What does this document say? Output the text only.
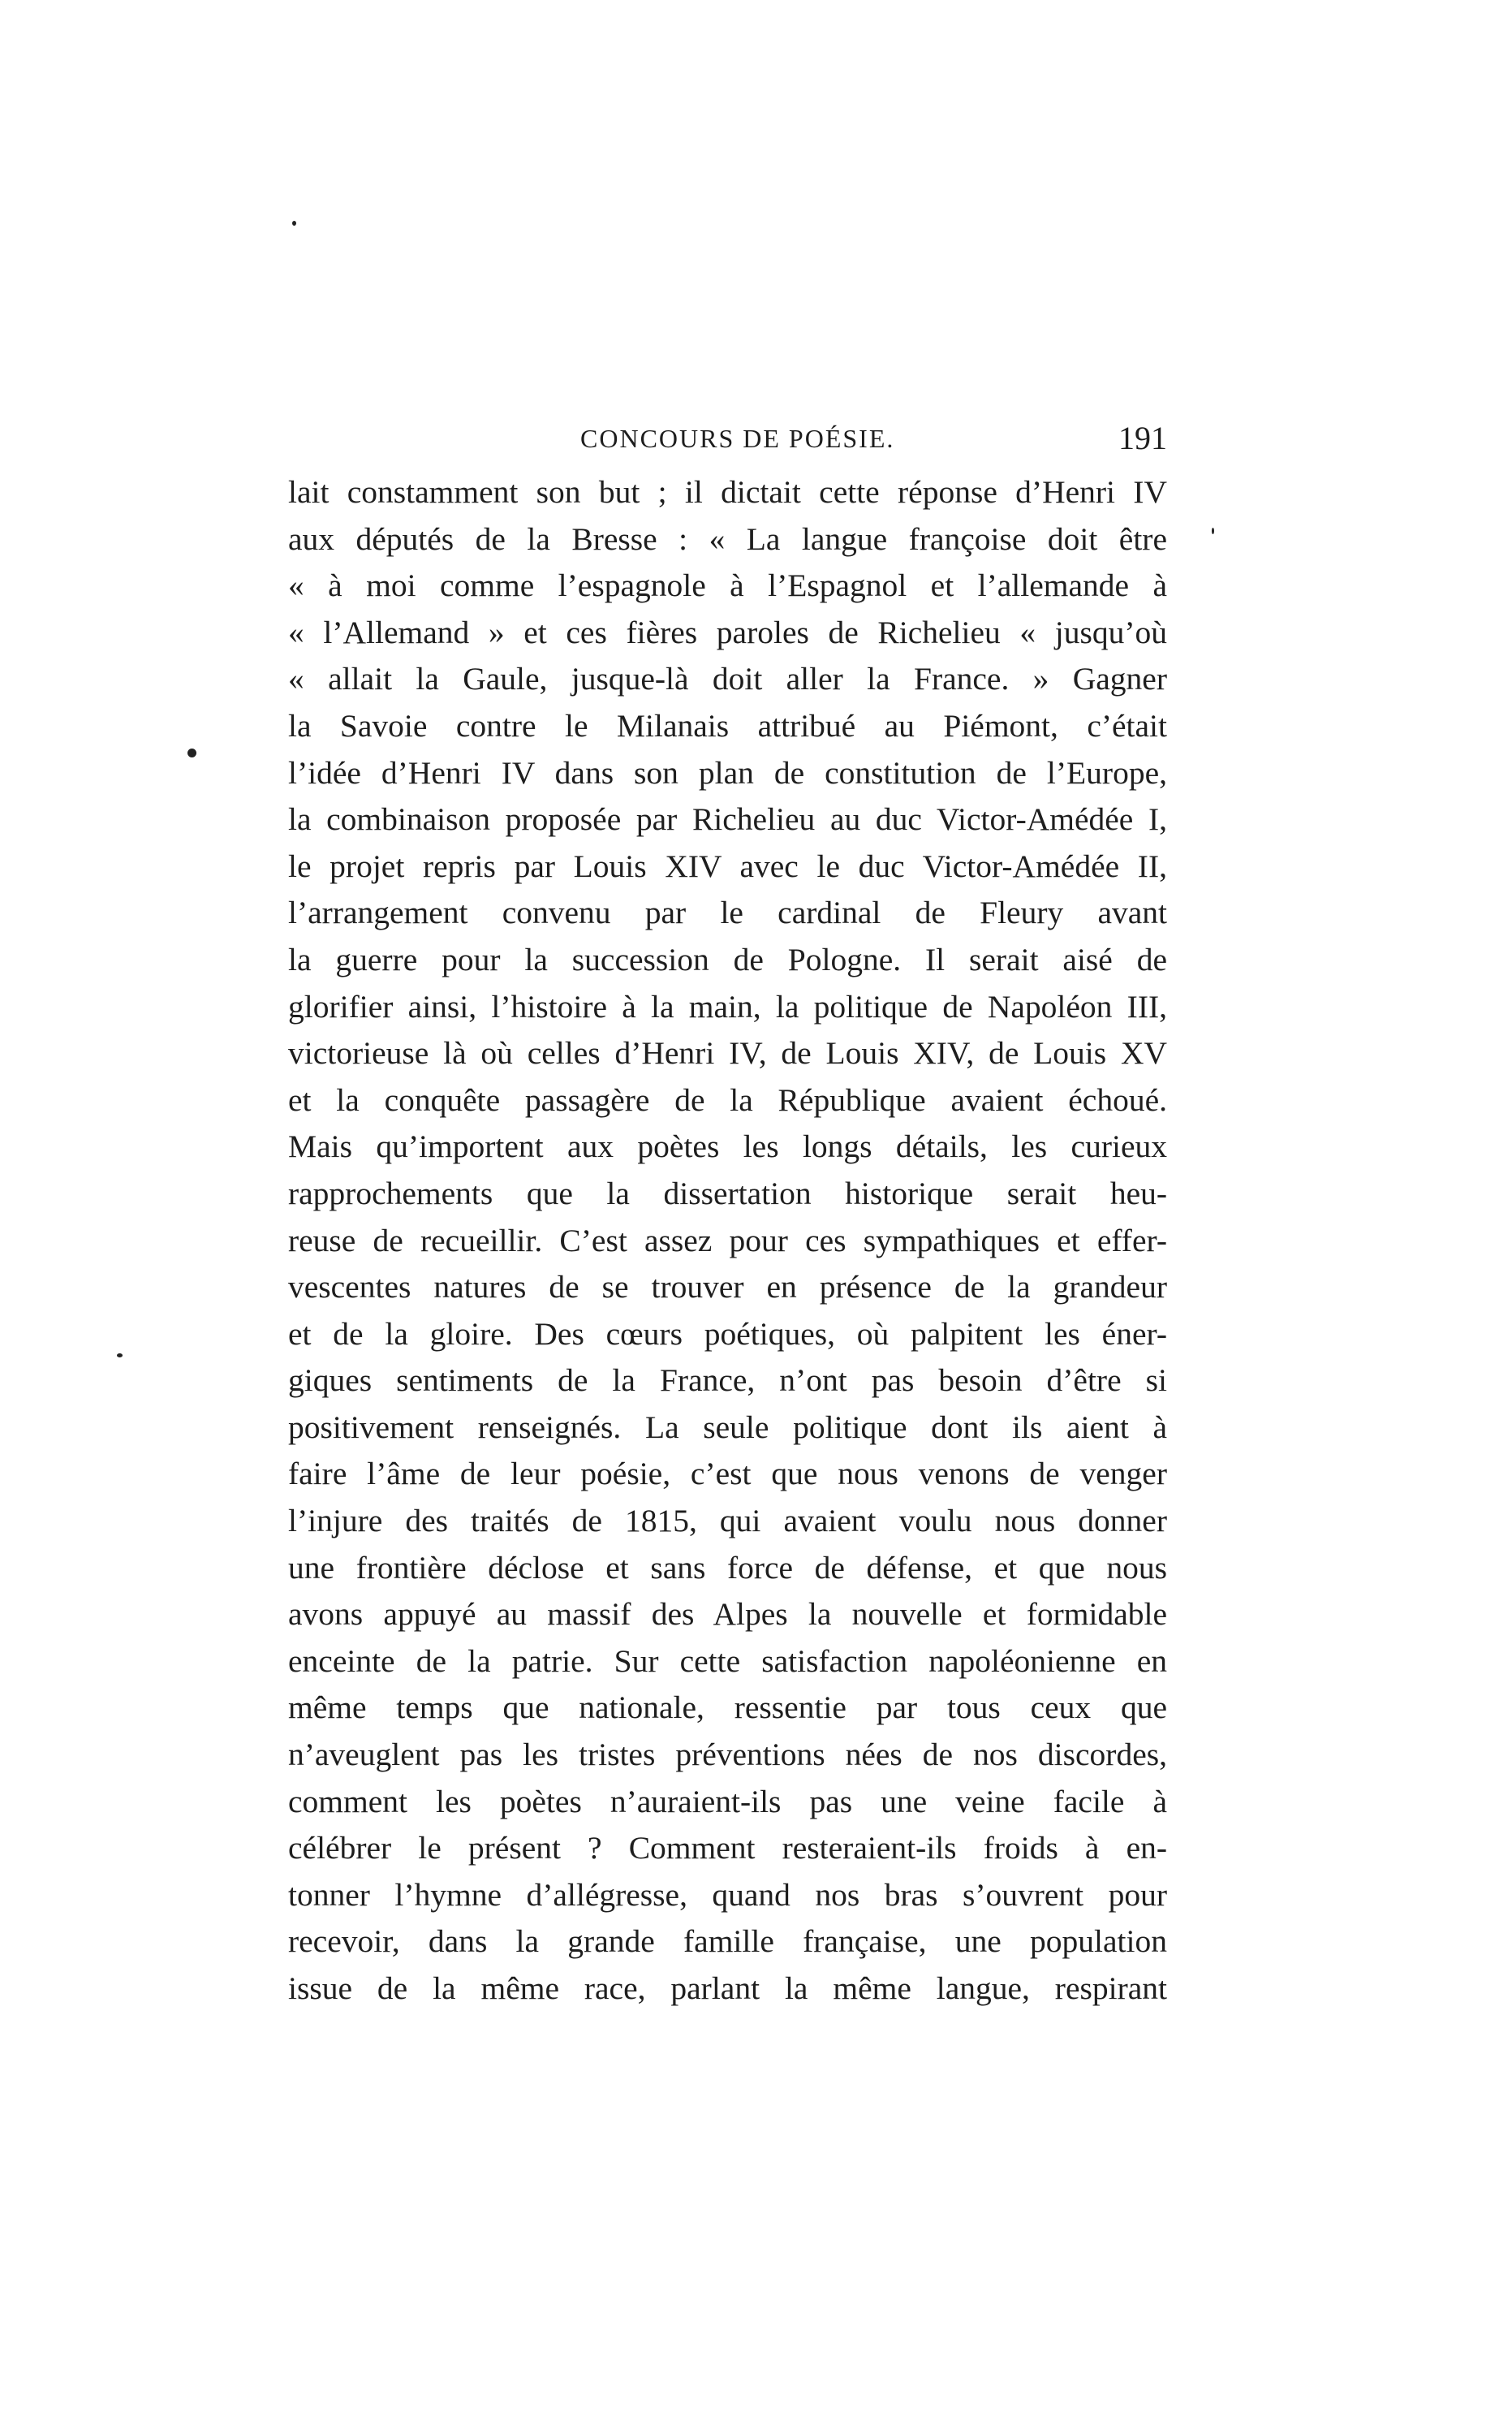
CONCOURS DE POÉSIE.	191
lait constamment son but ; il dictait cette réponse d’Henri IV
aux députés de la Bresse : « La langue françoise doit être
« à moi comme l’espagnole à l’Espagnol et l’allemande à
« l’Allemand » et ces fières paroles de Richelieu « jusqu’où
« allait la Gaule, jusque-là doit aller la France. » Gagner
la Savoie contre le Milanais attribué au Piémont, c’était
l’idée d’Henri IV dans son plan de constitution de l’Europe,
la combinaison proposée par Richelieu au duc Victor-Amédée I,
le projet repris par Louis XIV avec le duc Victor-Amédée II,
l’arrangement convenu par le cardinal de Fleury avant
la guerre pour la succession de Pologne. Il serait aisé de
glorifier ainsi, l’histoire à la main, la politique de Napoléon III,
victorieuse là où celles d’Henri IV, de Louis XIV, de Louis XV
et la conquête passagère de la République avaient échoué.
Mais qu’importent aux poètes les longs détails, les curieux
rapprochements que la dissertation historique serait heu-
reuse de recueillir. C’est assez pour ces sympathiques et effer-
vescentes natures de se trouver en présence de la grandeur
et de la gloire. Des cœurs poétiques, où palpitent les éner-
giques sentiments de la France, n’ont pas besoin d’être si
positivement renseignés. La seule politique dont ils aient à
faire l’âme de leur poésie, c’est que nous venons de venger
l’injure des traités de 1815, qui avaient voulu nous donner
une frontière déclose et sans force de défense, et que nous
avons appuyé au massif des Alpes la nouvelle et formidable
enceinte de la patrie. Sur cette satisfaction napoléonienne en
même temps que nationale, ressentie par tous ceux que
n’aveuglent pas les tristes préventions nées de nos discordes,
comment les poètes n’auraient-ils pas une veine facile à
célébrer le présent ? Comment resteraient-ils froids à en-
tonner l’hymne d’allégresse, quand nos bras s’ouvrent pour
recevoir, dans la grande famille française, une population
issue de la même race, parlant la même langue, respirant
